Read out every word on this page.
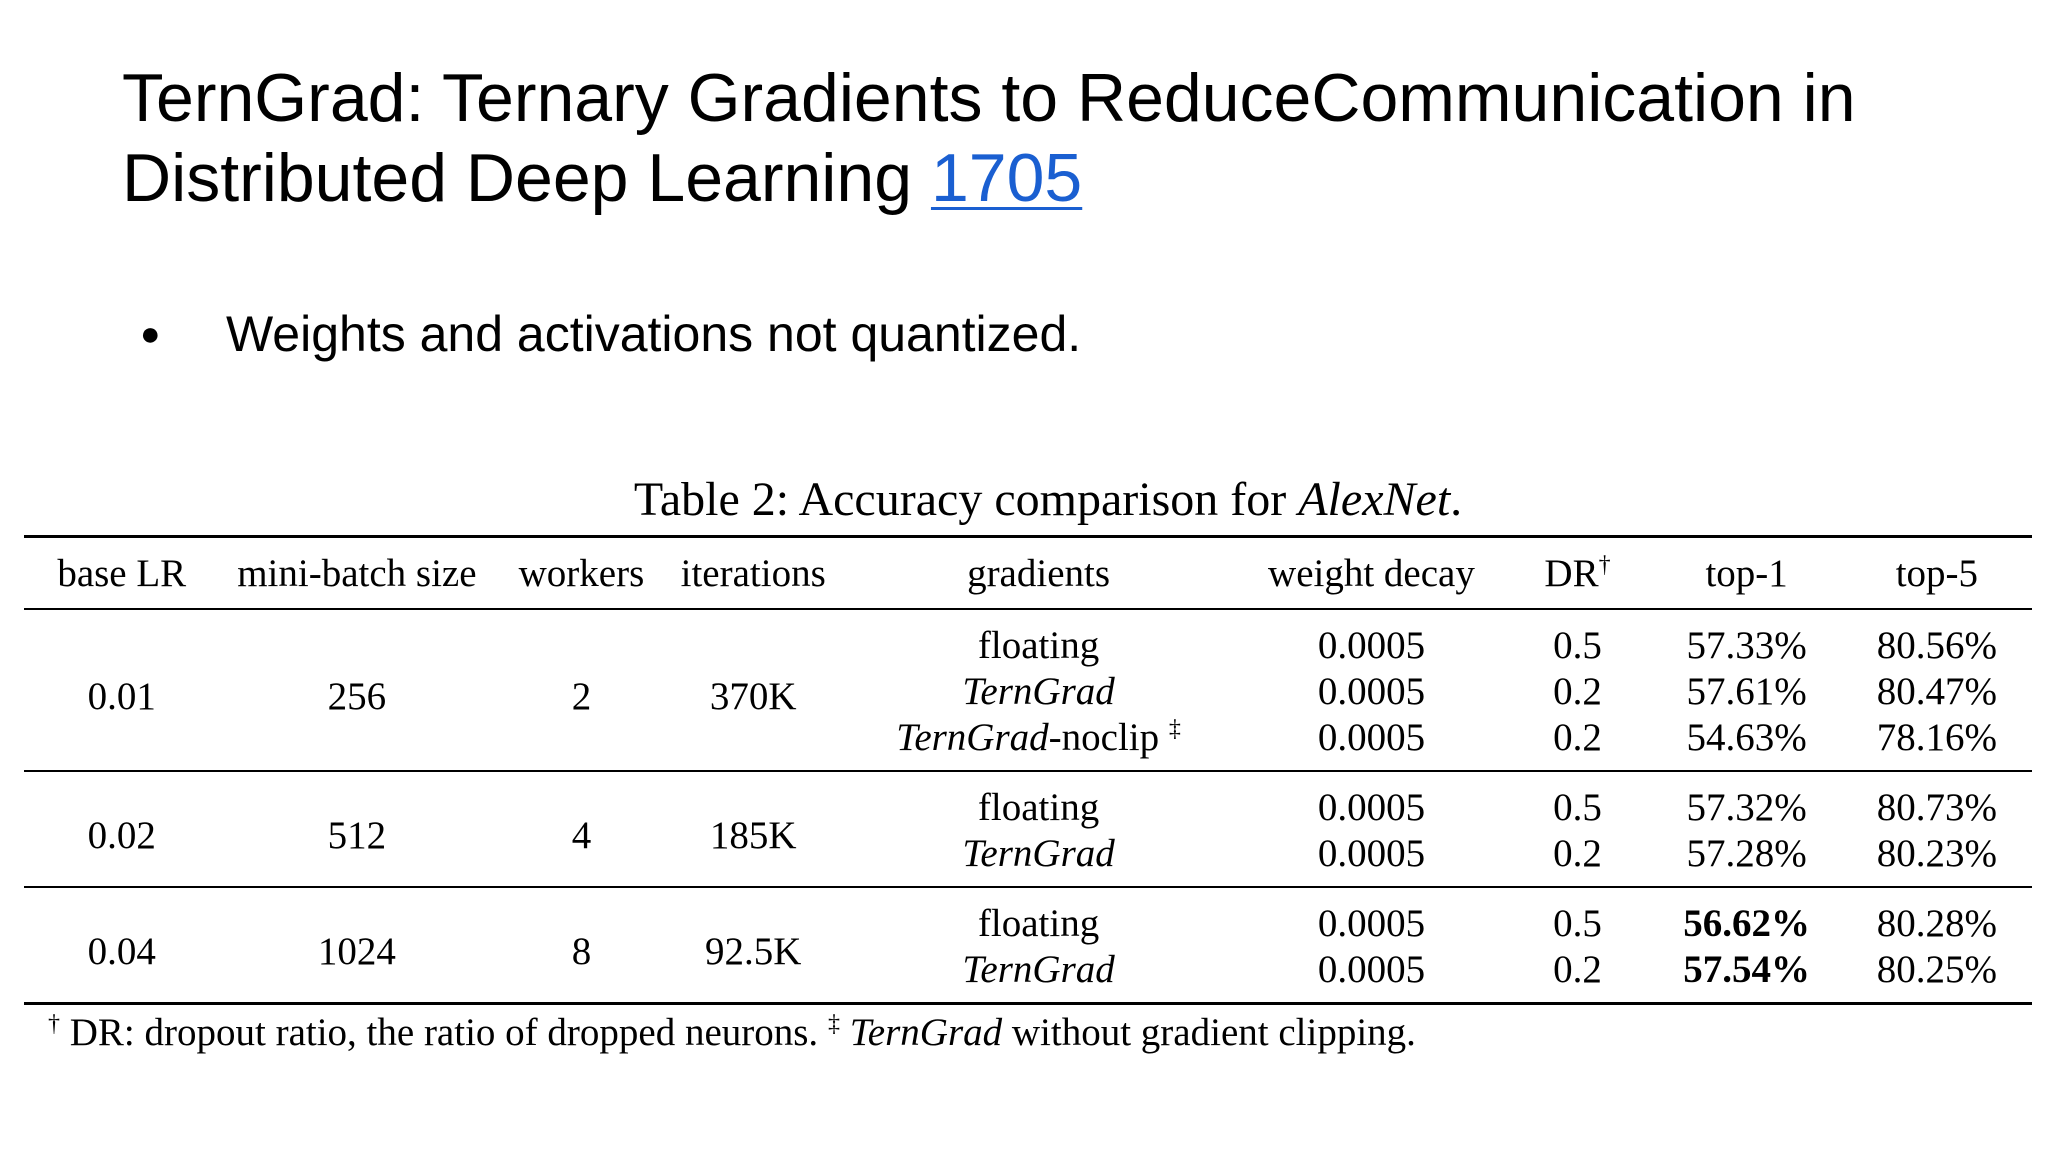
TernGrad: Ternary Gradients to ReduceCommunication in Distributed Deep Learning 1705
● Weights and activations not quantized.
Table 2: Accuracy comparison for AlexNet.
base LR	mini-batch size	workers	iterations	gradients	weight decay	DR†	top-1	top-5
0.01	256	2	370K	floating	0.0005	0.5	57.33%	80.56%
				TernGrad	0.0005	0.2	57.61%	80.47%
				TernGrad-noclip ‡	0.0005	0.2	54.63%	78.16%
0.02	512	4	185K	floating	0.0005	0.5	57.32%	80.73%
				TernGrad	0.0005	0.2	57.28%	80.23%
0.04	1024	8	92.5K	floating	0.0005	0.5	56.62%	80.28%
				TernGrad	0.0005	0.2	57.54%	80.25%
† DR: dropout ratio, the ratio of dropped neurons. ‡ TernGrad without gradient clipping.
